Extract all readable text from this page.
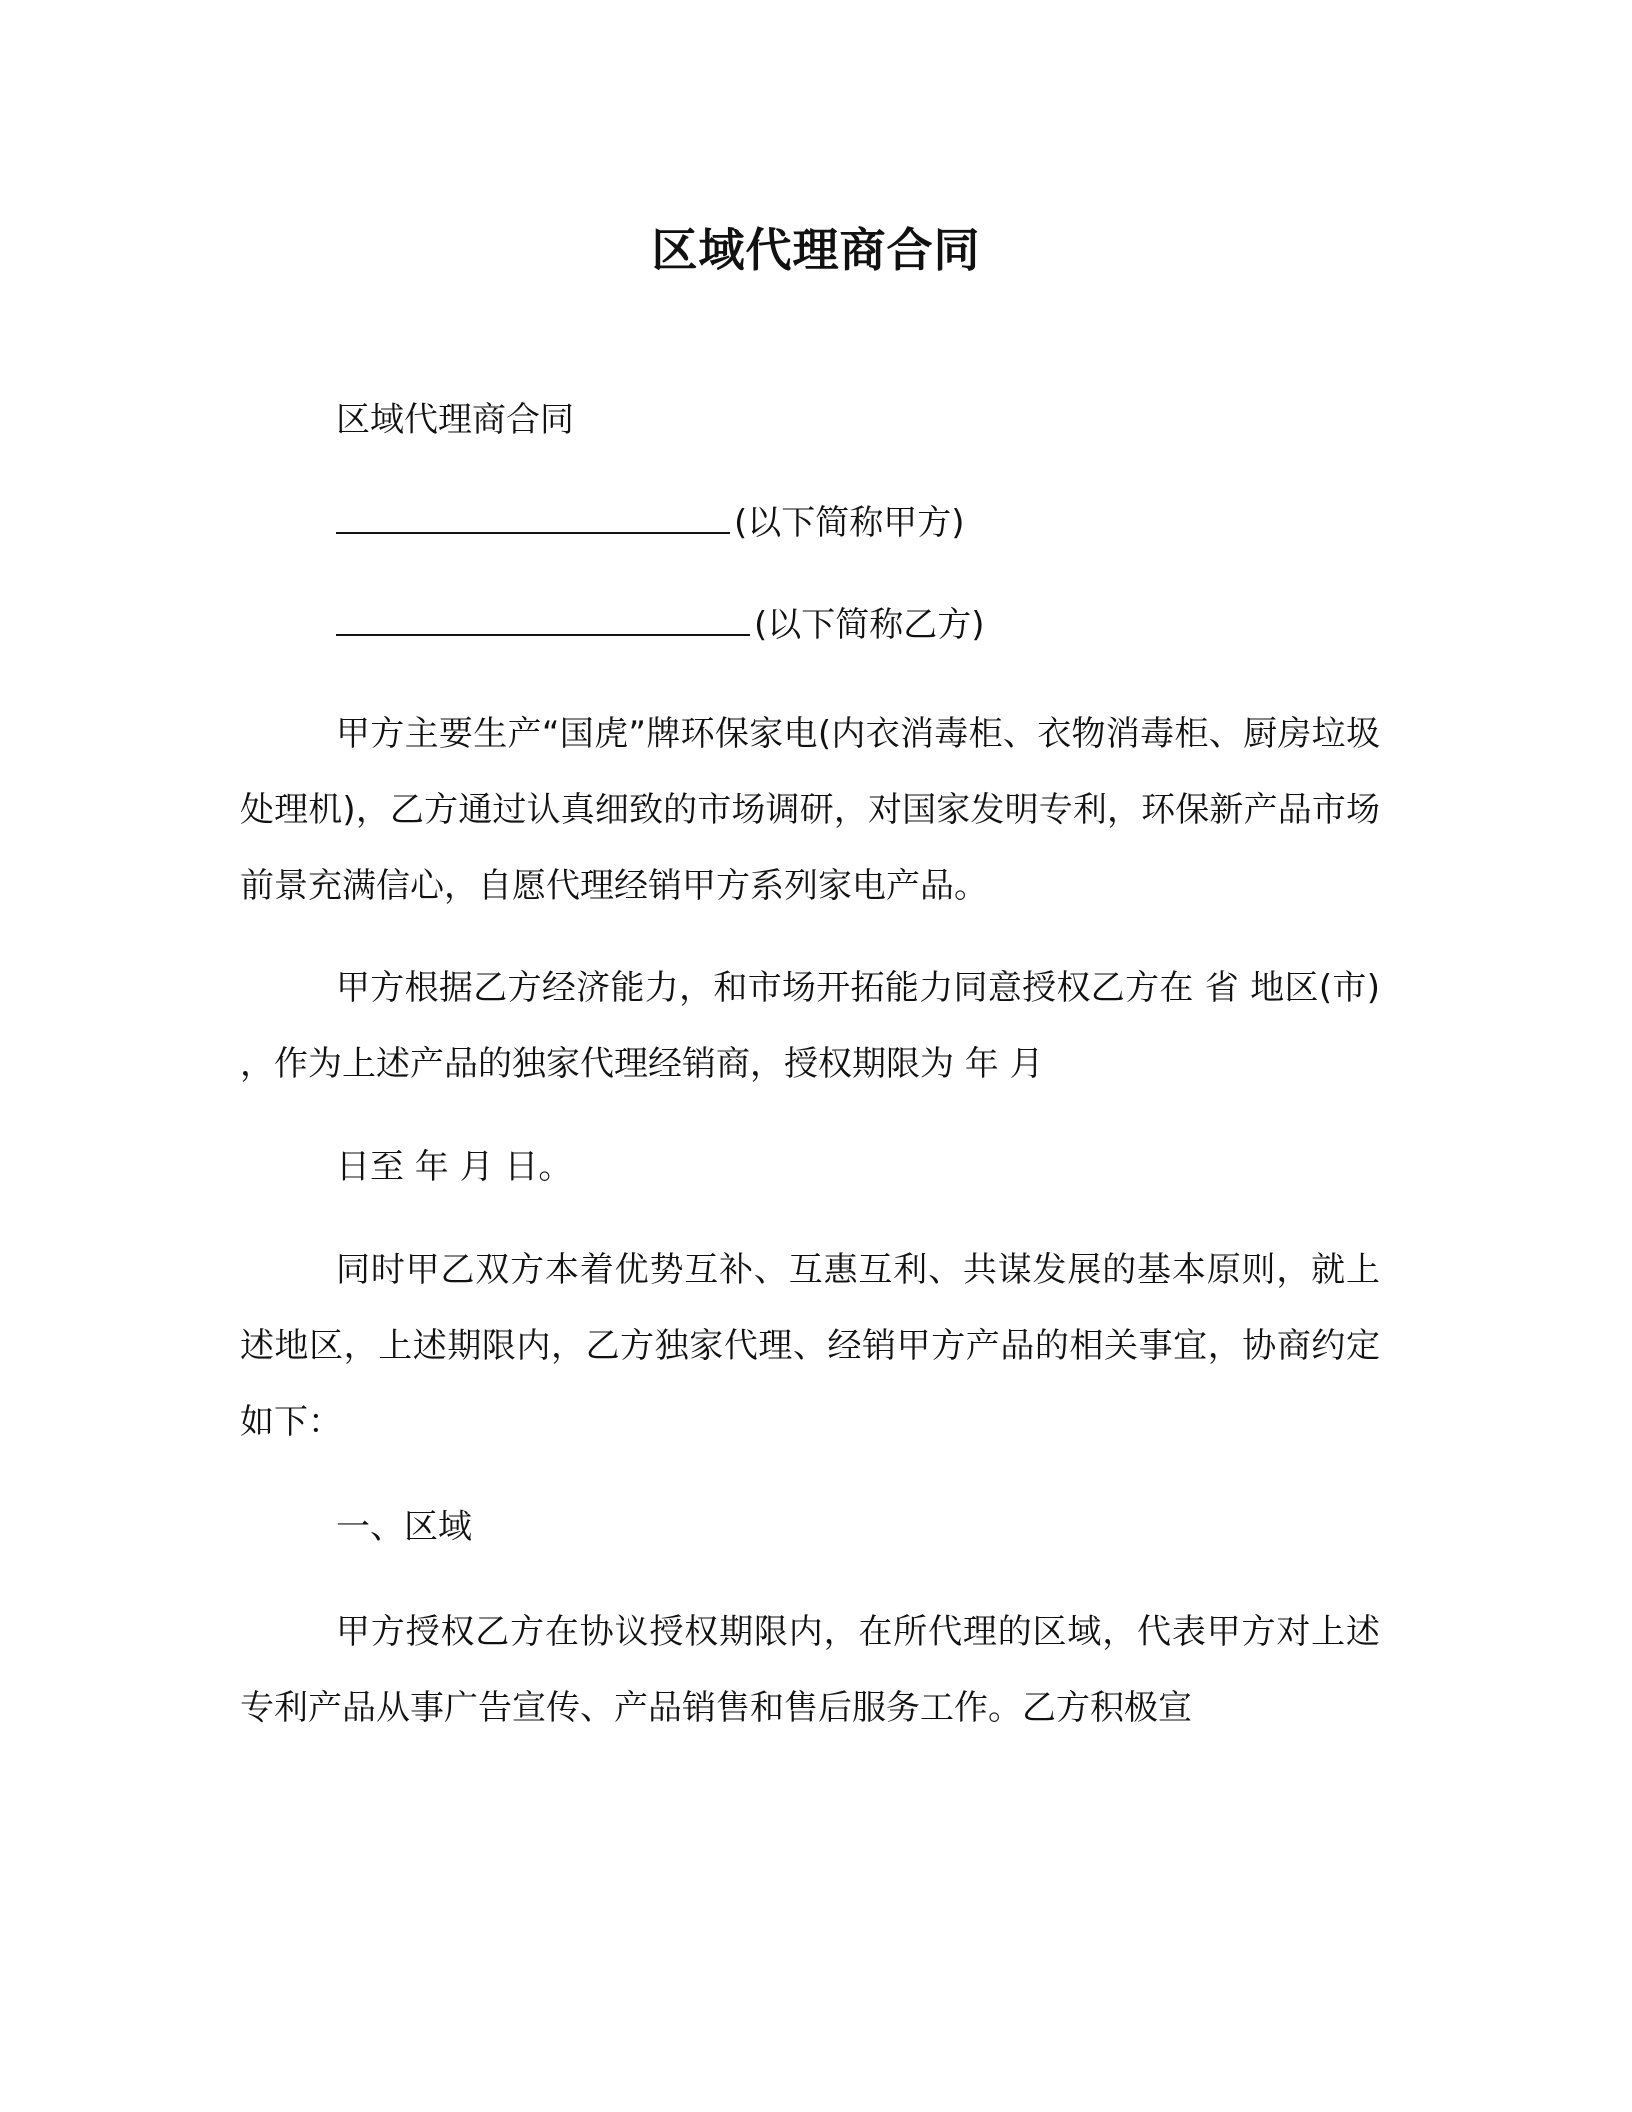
区域代理商合同
区域代理商合同
(以下简称甲方)
(以下简称乙方)
甲方主要生产“国虎”牌环保家电(内衣消毒柜、衣物消毒柜、厨房垃圾处理机)，乙方通过认真细致的市场调研，对国家发明专利，环保新产品市场前景充满信心，自愿代理经销甲方系列家电产品。
甲方根据乙方经济能力，和市场开拓能力同意授权乙方在 省 地区(市) ，作为上述产品的独家代理经销商，授权期限为 年 月
日至 年 月 日。
同时甲乙双方本着优势互补、互惠互利、共谋发展的基本原则，就上述地区，上述期限内，乙方独家代理、经销甲方产品的相关事宜，协商约定如下：
一、区域
甲方授权乙方在协议授权期限内，在所代理的区域，代表甲方对上述专利产品从事广告宣传、产品销售和售后服务工作。乙方积极宣
